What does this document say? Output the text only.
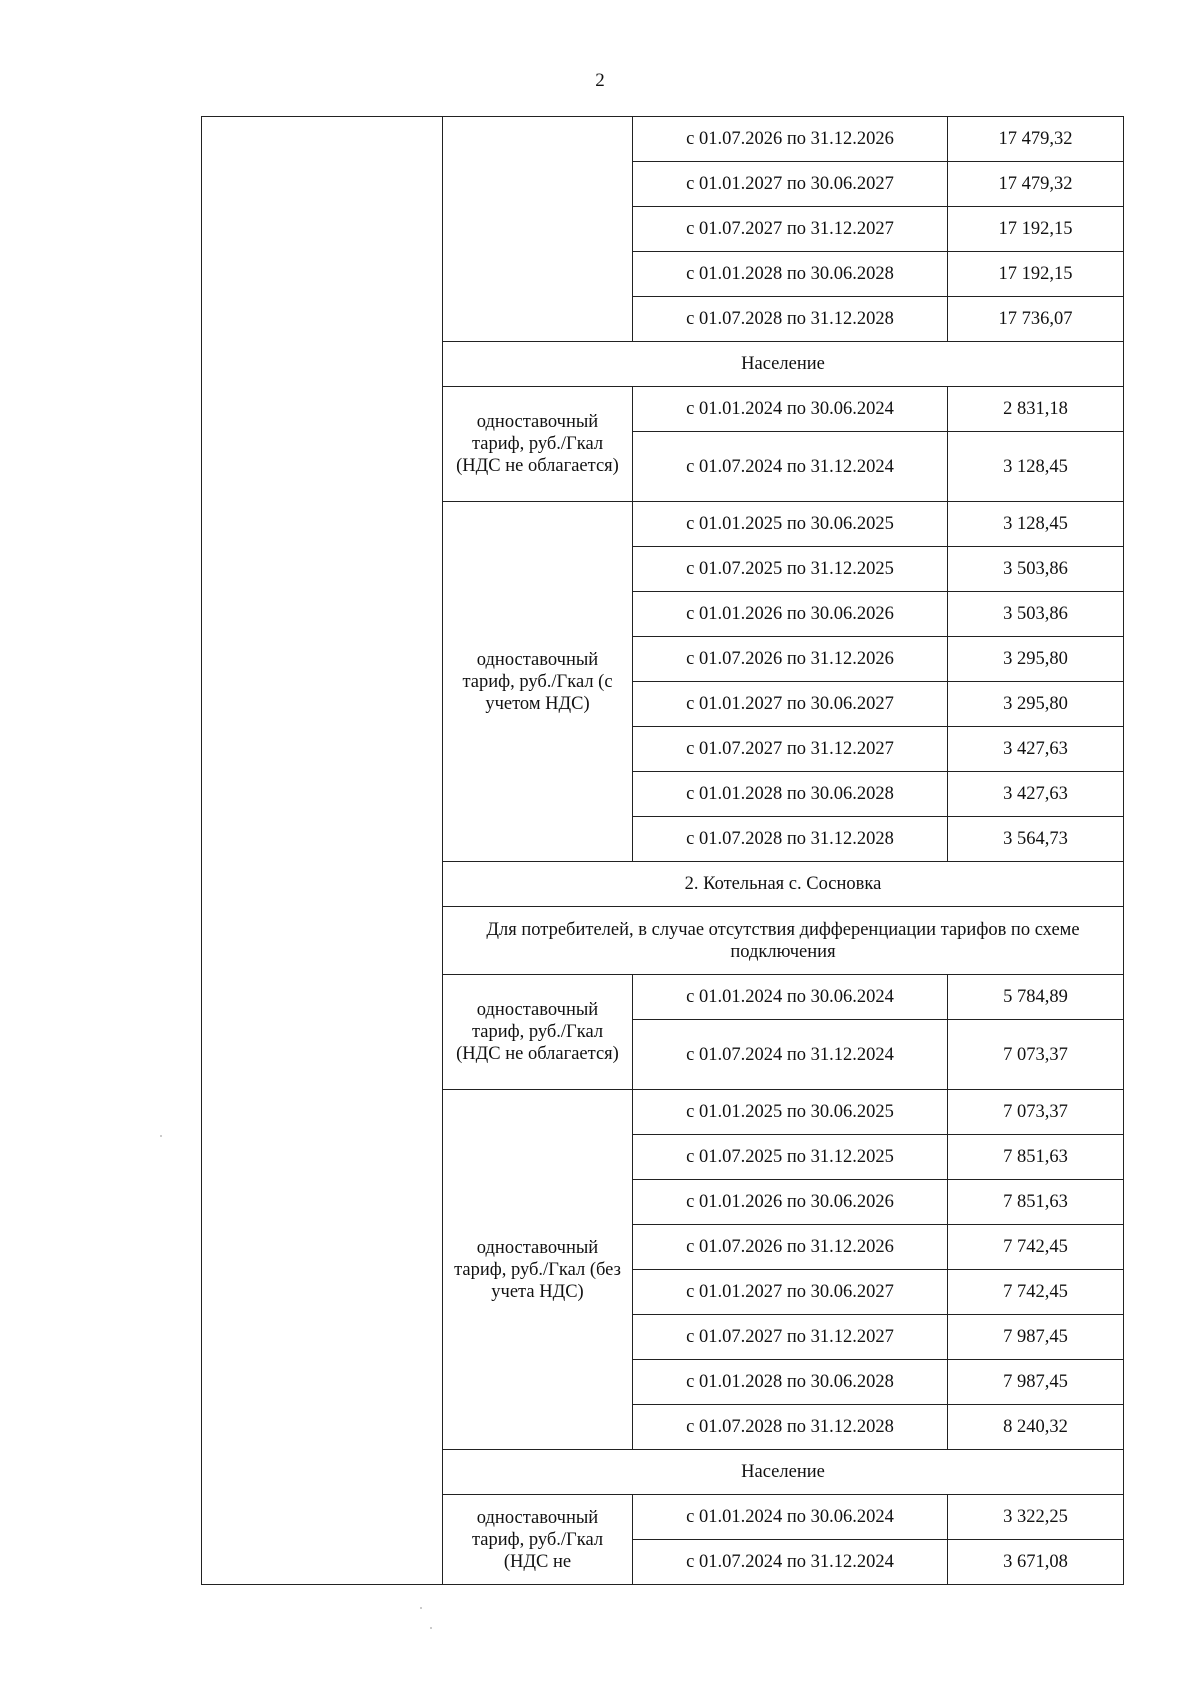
2
		с 01.07.2026 по 31.12.2026	17 479,32
		с 01.01.2027 по 30.06.2027	17 479,32
		с 01.07.2027 по 31.12.2027	17 192,15
		с 01.01.2028 по 30.06.2028	17 192,15
		с 01.07.2028 по 31.12.2028	17 736,07
	Население		
	одноставочный тариф, руб./Гкал (НДС не облагается)	с 01.01.2024 по 30.06.2024	2 831,18
		с 01.07.2024 по 31.12.2024	3 128,45
	одноставочный тариф, руб./Гкал (с учетом НДС)	с 01.01.2025 по 30.06.2025	3 128,45
		с 01.07.2025 по 31.12.2025	3 503,86
		с 01.01.2026 по 30.06.2026	3 503,86
		с 01.07.2026 по 31.12.2026	3 295,80
		с 01.01.2027 по 30.06.2027	3 295,80
		с 01.07.2027 по 31.12.2027	3 427,63
		с 01.01.2028 по 30.06.2028	3 427,63
		с 01.07.2028 по 31.12.2028	3 564,73
	2. Котельная с. Сосновка		
	Для потребителей, в случае отсутствия дифференциации тарифов по схеме подключения		
	одноставочный тариф, руб./Гкал (НДС не облагается)	с 01.01.2024 по 30.06.2024	5 784,89
		с 01.07.2024 по 31.12.2024	7 073,37
	одноставочный тариф, руб./Гкал (без учета НДС)	с 01.01.2025 по 30.06.2025	7 073,37
		с 01.07.2025 по 31.12.2025	7 851,63
		с 01.01.2026 по 30.06.2026	7 851,63
		с 01.07.2026 по 31.12.2026	7 742,45
		с 01.01.2027 по 30.06.2027	7 742,45
		с 01.07.2027 по 31.12.2027	7 987,45
		с 01.01.2028 по 30.06.2028	7 987,45
		с 01.07.2028 по 31.12.2028	8 240,32
	Население		
	одноставочный тариф, руб./Гкал (НДС не	с 01.01.2024 по 30.06.2024	3 322,25
		с 01.07.2024 по 31.12.2024	3 671,08
